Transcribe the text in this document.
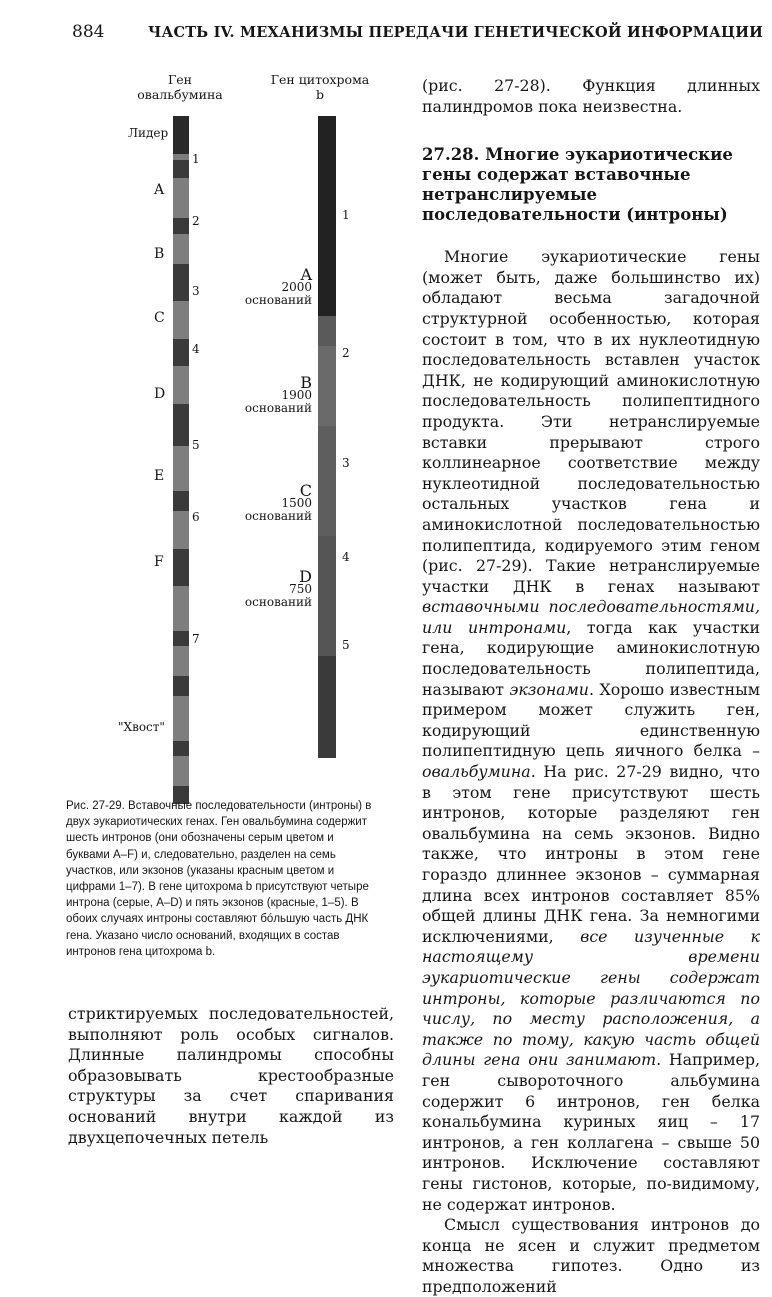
884	ЧАСТЬ IV. МЕХАНИЗМЫ ПЕРЕДАЧИ ГЕНЕТИЧЕСКОЙ ИНФОРМАЦИИ
Ген овальбумина
Ген цитохрома b
Лидер
"Хвост"
A
B
C
D
E
F
1
2
3
4
5
6
7
1
2
3
4
5
A
2000
оснований
B
1900
оснований
C
1500
оснований
D
750
оснований
Рис. 27-29. Вставочные последовательности (интроны) в двух эукариотических генах. Ген овальбумина содержит шесть интронов (они обозначены серым цветом и буквами A–F) и, следовательно, разделен на семь участков, или экзонов (указаны красным цветом и цифрами 1–7). В гене цитохрома b присутствуют четыре интрона (серые, A–D) и пять экзонов (красные, 1–5). В обоих случаях интроны составляют бóльшую часть ДНК гена. Указано число оснований, входящих в состав интронов гена цитохрома b.
стриктируемых последовательностей, выполняют роль особых сигналов. Длинные палиндромы способны образовывать крестообразные структуры за счет спаривания оснований внутри каждой из двухцепочечных петель

(рис. 27-28). Функция длинных палиндромов пока неизвестна.

27.28. Многие эукариотические гены содержат вставочные нетранслируемые последовательности (интроны)

Многие эукариотические гены (может быть, даже большинство их) обладают весьма загадочной структурной особенностью, которая состоит в том, что в их нуклеотидную последовательность вставлен участок ДНК, не кодирующий аминокислотную последовательность полипептидного продукта. Эти нетранслируемые вставки прерывают строго коллинеарное соответствие между нуклеотидной последовательностью остальных участков гена и аминокислотной последовательностью полипептида, кодируемого этим геном (рис. 27-29). Такие нетранслируемые участки ДНК в генах называют вставочными последовательностями, или интронами, тогда как участки гена, кодирующие аминокислотную последовательность полипептида, называют экзонами. Хорошо известным примером может служить ген, кодирующий единственную полипептидную цепь яичного белка – овальбумина. На рис. 27-29 видно, что в этом гене присутствуют шесть интронов, которые разделяют ген овальбумина на семь экзонов. Видно также, что интроны в этом гене гораздо длиннее экзонов – суммарная длина всех интронов составляет 85% общей длины ДНК гена. За немногими исключениями, все изученные к настоящему времени эукариотические гены содержат интроны, которые различаются по числу, по месту расположения, а также по тому, какую часть общей длины гена они занимают. Например, ген сывороточного альбумина содержит 6 интронов, ген белка кональбумина куриных яиц – 17 интронов, а ген коллагена – свыше 50 интронов. Исключение составляют гены гистонов, которые, по-видимому, не содержат интронов.

Смысл существования интронов до конца не ясен и служит предметом множества гипотез. Одно из предположений
